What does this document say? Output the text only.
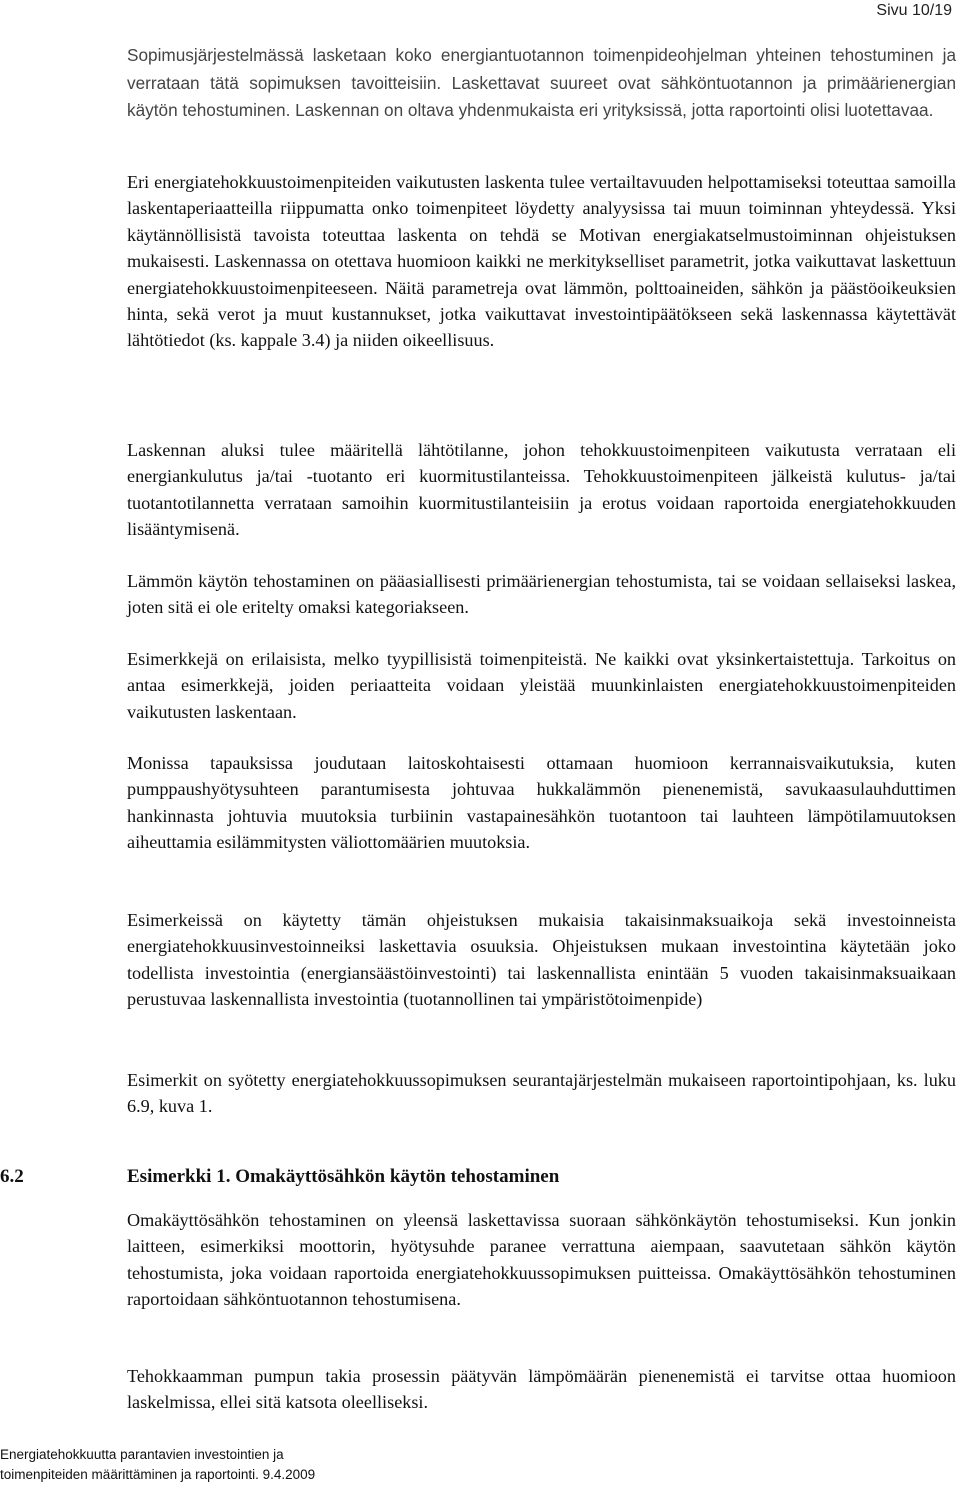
Sivu 10/19

Sopimusjärjestelmässä lasketaan koko energiantuotannon toimenpideohjelman yhteinen tehostuminen ja verrataan tätä sopimuksen tavoitteisiin. Laskettavat suureet ovat sähköntuotannon ja primäärienergian käytön tehostuminen. Laskennan on oltava yhdenmukaista eri yrityksissä, jotta raportointi olisi luotettavaa.

Eri energiatehokkuustoimenpiteiden vaikutusten laskenta tulee vertailtavuuden helpottamiseksi toteuttaa samoilla laskentaperiaatteilla riippumatta onko toimenpiteet löydetty analyysissa tai muun toiminnan yhteydessä. Yksi käytännöllisistä tavoista toteuttaa laskenta on tehdä se Motivan energiakatselmustoiminnan ohjeistuksen mukaisesti. Laskennassa on otettava huomioon kaikki ne merkitykselliset parametrit, jotka vaikuttavat laskettuun energiatehokkuustoimenpiteeseen. Näitä parametreja ovat lämmön, polttoaineiden, sähkön ja päästöoikeuksien hinta, sekä verot ja muut kustannukset, jotka vaikuttavat investointipäätökseen sekä laskennassa käytettävät lähtötiedot (ks. kappale 3.4) ja niiden oikeellisuus.

Laskennan aluksi tulee määritellä lähtötilanne, johon tehokkuustoimenpiteen vaikutusta verrataan eli energiankulutus ja/tai -tuotanto eri kuormitustilanteissa. Tehokkuustoimenpiteen jälkeistä kulutus- ja/tai tuotantotilannetta verrataan samoihin kuormitustilanteisiin ja erotus voidaan raportoida energiatehokkuuden lisääntymisenä.

Lämmön käytön tehostaminen on pääasiallisesti primäärienergian tehostumista, tai se voidaan sellaiseksi laskea, joten sitä ei ole eritelty omaksi kategoriakseen.

Esimerkkejä on erilaisista, melko tyypillisistä toimenpiteistä. Ne kaikki ovat yksinkertaistettuja. Tarkoitus on antaa esimerkkejä, joiden periaatteita voidaan yleistää muunkinlaisten energiatehokkuustoimenpiteiden vaikutusten laskentaan.

Monissa tapauksissa joudutaan laitoskohtaisesti ottamaan huomioon kerrannaisvaikutuksia, kuten pumppaushyötysuhteen parantumisesta johtuvaa hukkalämmön pienenemistä, savukaasulauhduttimen hankinnasta johtuvia muutoksia turbiinin vastapainesähkön tuotantoon tai lauhteen lämpötilamuutoksen aiheuttamia esilämmitysten väliottomäärien muutoksia.

Esimerkeissä on käytetty tämän ohjeistuksen mukaisia takaisinmaksuaikoja sekä investoinneista energiatehokkuusinvestoinneiksi laskettavia osuuksia. Ohjeistuksen mukaan investointina käytetään joko todellista investointia (energiansäästöinvestointi) tai laskennallista enintään 5 vuoden takaisinmaksuaikaan perustuvaa laskennallista investointia (tuotannollinen tai ympäristötoimenpide)

Esimerkit on syötetty energiatehokkuussopimuksen seurantajärjestelmän mukaiseen raportointipohjaan, ks. luku 6.9, kuva 1.

6.2	Esimerkki 1. Omakäyttösähkön käytön tehostaminen

Omakäyttösähkön tehostaminen on yleensä laskettavissa suoraan sähkönkäytön tehostumiseksi. Kun jonkin laitteen, esimerkiksi moottorin, hyötysuhde paranee verrattuna aiempaan, saavutetaan sähkön käytön tehostumista, joka voidaan raportoida energiatehokkuussopimuksen puitteissa. Omakäyttösähkön tehostuminen raportoidaan sähköntuotannon tehostumisena.

Tehokkaamman pumpun takia prosessin päätyvän lämpömäärän pienenemistä ei tarvitse ottaa huomioon laskelmissa, ellei sitä katsota oleelliseksi.

Energiatehokkuutta parantavien investointien ja
toimenpiteiden määrittäminen ja raportointi. 9.4.2009
